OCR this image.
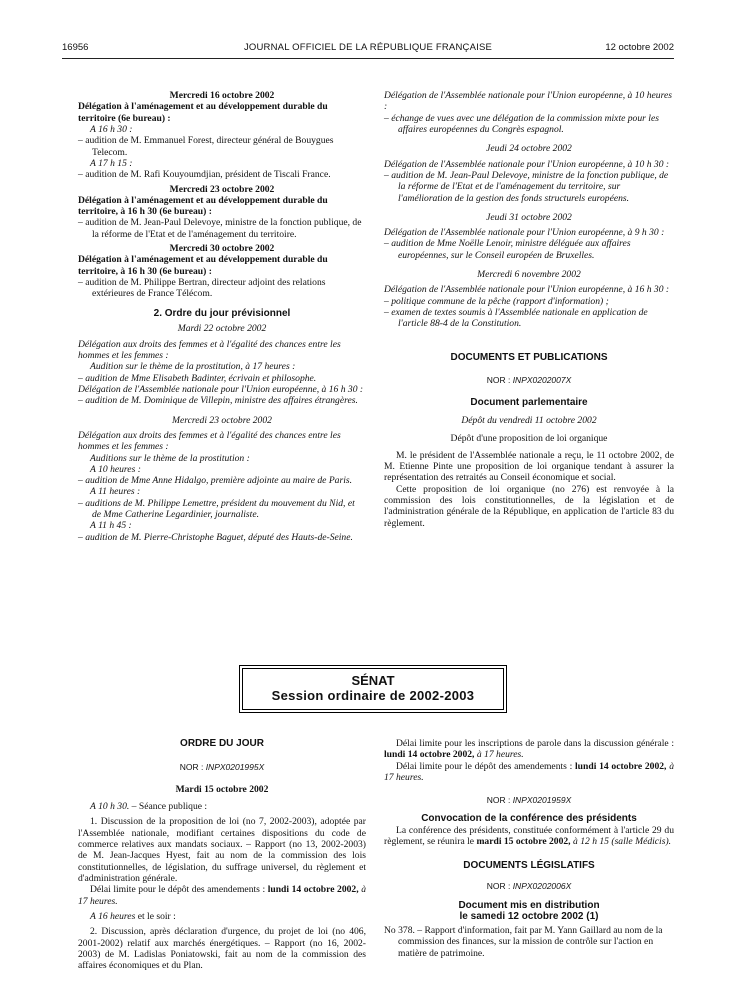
16956	JOURNAL OFFICIEL DE LA RÉPUBLIQUE FRANÇAISE	12 octobre 2002

Mercredi 16 octobre 2002

Délégation à l'aménagement et au développement durable du territoire (6e bureau) :

A 16 h 30 :

– audition de M. Emmanuel Forest, directeur général de Bouygues Telecom.

A 17 h 15 :

– audition de M. Rafi Kouyoumdjian, président de Tiscali France.

Mercredi 23 octobre 2002

Délégation à l'aménagement et au développement durable du territoire, à 16 h 30 (6e bureau) :

– audition de M. Jean-Paul Delevoye, ministre de la fonction publique, de la réforme de l'Etat et de l'aménagement du territoire.

Mercredi 30 octobre 2002

Délégation à l'aménagement et au développement durable du territoire, à 16 h 30 (6e bureau) :

– audition de M. Philippe Bertran, directeur adjoint des relations extérieures de France Télécom.

2. Ordre du jour prévisionnel

Mardi 22 octobre 2002

Délégation aux droits des femmes et à l'égalité des chances entre les hommes et les femmes :

Audition sur le thème de la prostitution, à 17 heures :

– audition de Mme Elisabeth Badinter, écrivain et philosophe.

Délégation de l'Assemblée nationale pour l'Union européenne, à 16 h 30 :

– audition de M. Dominique de Villepin, ministre des affaires étrangères.

Mercredi 23 octobre 2002

Délégation aux droits des femmes et à l'égalité des chances entre les hommes et les femmes :

Auditions sur le thème de la prostitution :

A 10 heures :

– audition de Mme Anne Hidalgo, première adjointe au maire de Paris.

A 11 heures :

– auditions de M. Philippe Lemettre, président du mouvement du Nid, et de Mme Catherine Legardinier, journaliste.

A 11 h 45 :

– audition de M. Pierre-Christophe Baguet, député des Hauts-de-Seine.

Délégation de l'Assemblée nationale pour l'Union européenne, à 10 heures :

– échange de vues avec une délégation de la commission mixte pour les affaires européennes du Congrès espagnol.

Jeudi 24 octobre 2002

Délégation de l'Assemblée nationale pour l'Union européenne, à 10 h 30 :

– audition de M. Jean-Paul Delevoye, ministre de la fonction publique, de la réforme de l'Etat et de l'aménagement du territoire, sur l'amélioration de la gestion des fonds structurels européens.

Jeudi 31 octobre 2002

Délégation de l'Assemblée nationale pour l'Union européenne, à 9 h 30 :

– audition de Mme Noëlle Lenoir, ministre déléguée aux affaires européennes, sur le Conseil européen de Bruxelles.

Mercredi 6 novembre 2002

Délégation de l'Assemblée nationale pour l'Union européenne, à 16 h 30 :

– politique commune de la pêche (rapport d'information) ;

– examen de textes soumis à l'Assemblée nationale en application de l'article 88-4 de la Constitution.

DOCUMENTS ET PUBLICATIONS

NOR : INPX0202007X

Document parlementaire

Dépôt du vendredi 11 octobre 2002

Dépôt d'une proposition de loi organique

M. le président de l'Assemblée nationale a reçu, le 11 octobre 2002, de M. Etienne Pinte une proposition de loi organique tendant à assurer la représentation des retraités au Conseil économique et social.

Cette proposition de loi organique (no 276) est renvoyée à la commission des lois constitutionnelles, de la législation et de l'administration générale de la République, en application de l'article 83 du règlement.

SÉNAT
Session ordinaire de 2002-2003

ORDRE DU JOUR

NOR : INPX0201995X

Mardi 15 octobre 2002

A 10 h 30. – Séance publique :

1. Discussion de la proposition de loi (no 7, 2002-2003), adoptée par l'Assemblée nationale, modifiant certaines dispositions du code de commerce relatives aux mandats sociaux. – Rapport (no 13, 2002-2003) de M. Jean-Jacques Hyest, fait au nom de la commission des lois constitutionnelles, de législation, du suffrage universel, du règlement et d'administration générale.

Délai limite pour le dépôt des amendements : lundi 14 octobre 2002, à 17 heures.

A 16 heures et le soir :

2. Discussion, après déclaration d'urgence, du projet de loi (no 406, 2001-2002) relatif aux marchés énergétiques. – Rapport (no 16, 2002-2003) de M. Ladislas Poniatowski, fait au nom de la commission des affaires économiques et du Plan.

Délai limite pour les inscriptions de parole dans la discussion générale : lundi 14 octobre 2002, à 17 heures.

Délai limite pour le dépôt des amendements : lundi 14 octobre 2002, à 17 heures.

NOR : INPX0201959X

Convocation de la conférence des présidents

La conférence des présidents, constituée conformément à l'article 29 du règlement, se réunira le mardi 15 octobre 2002, à 12 h 15 (salle Médicis).

DOCUMENTS LÉGISLATIFS

NOR : INPX0202006X

Document mis en distribution

le samedi 12 octobre 2002 (1)

No 378. – Rapport d'information, fait par M. Yann Gaillard au nom de la commission des finances, sur la mission de contrôle sur l'action en matière de patrimoine.
